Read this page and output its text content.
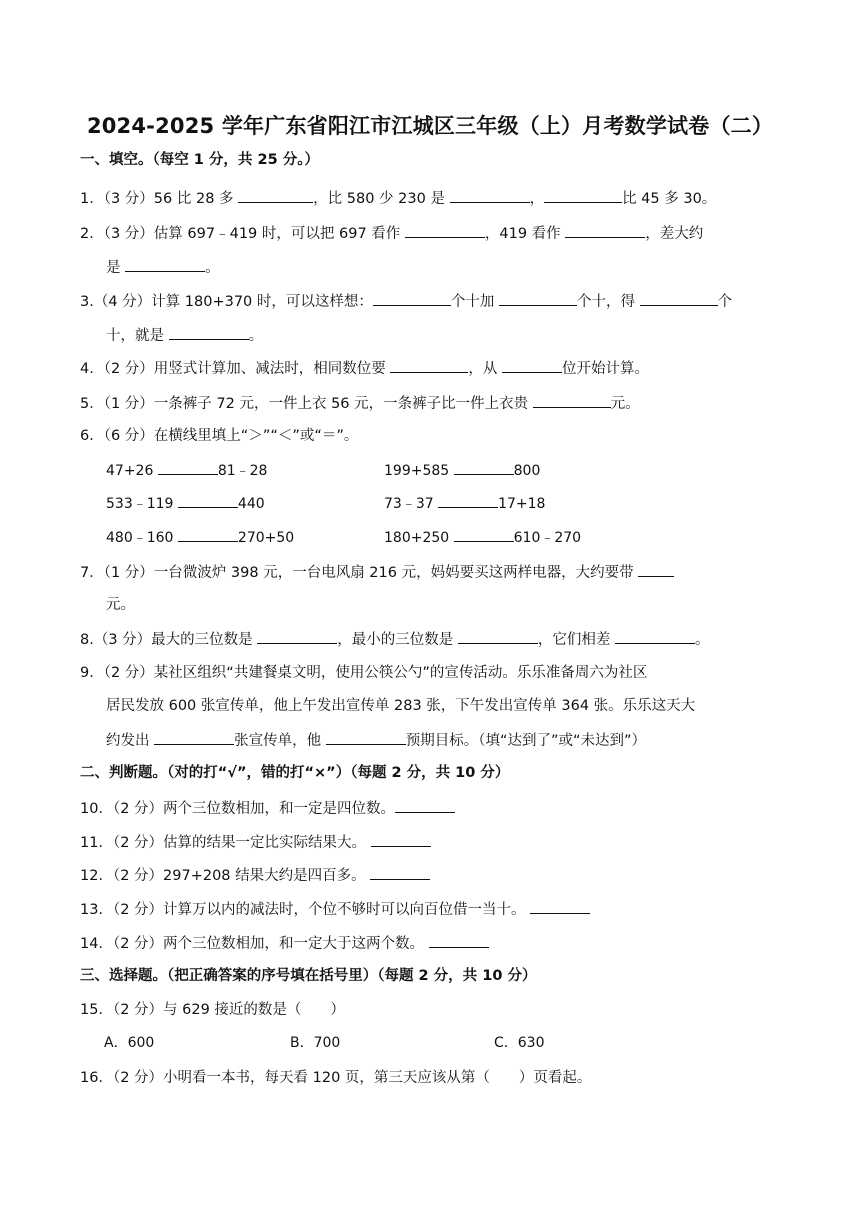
2024-2025 学年广东省阳江市江城区三年级（上）月考数学试卷（二）
一、填空。（每空 1 分，共 25 分。）
1．（3 分）56 比 28 多	，比 580 少 230 是	，	比 45 多 30。
2．（3 分）估算 697﹣419 时，可以把 697 看作	，419 看作	，差大约
是	。
3.（4 分）计算 180+370 时，可以这样想：	个十加	个十，得	个
十，就是	。
4．（2 分）用竖式计算加、减法时，相同数位要	，从	位开始计算。
5．（1 分）一条裤子 72 元，一件上衣 56 元，一条裤子比一件上衣贵	元。
6．（6 分）在横线里填上“＞”“＜”或“＝”。
47+26	81﹣28	199+585	800
533﹣119	440	73﹣37	17+18
480﹣160	270+50	180+250	610﹣270
7．（1 分）一台微波炉 398 元，一台电风扇 216 元，妈妈要买这两样电器，大约要带
元。
8.（3 分）最大的三位数是	，最小的三位数是	，它们相差	。
9．（2 分）某社区组织“共建餐桌文明，使用公筷公勺”的宣传活动。乐乐准备周六为社区
居民发放 600 张宣传单，他上午发出宣传单 283 张，下午发出宣传单 364 张。乐乐这天大
约发出	张宣传单，他	预期目标。（填“达到了”或“未达到”）
二、判断题。（对的打“√”，错的打“×”）（每题 2 分，共 10 分）
10．（2 分）两个三位数相加，和一定是四位数。
11．（2 分）估算的结果一定比实际结果大。
12．（2 分）297+208 结果大约是四百多。
13．（2 分）计算万以内的减法时，个位不够时可以向百位借一当十。
14．（2 分）两个三位数相加，和一定大于这两个数。
三、选择题。（把正确答案的序号填在括号里）（每题 2 分，共 10 分）
15．（2 分）与 629 接近的数是（　　）
A．600	B．700	C．630
16．（2 分）小明看一本书，每天看 120 页，第三天应该从第（　　）页看起。
